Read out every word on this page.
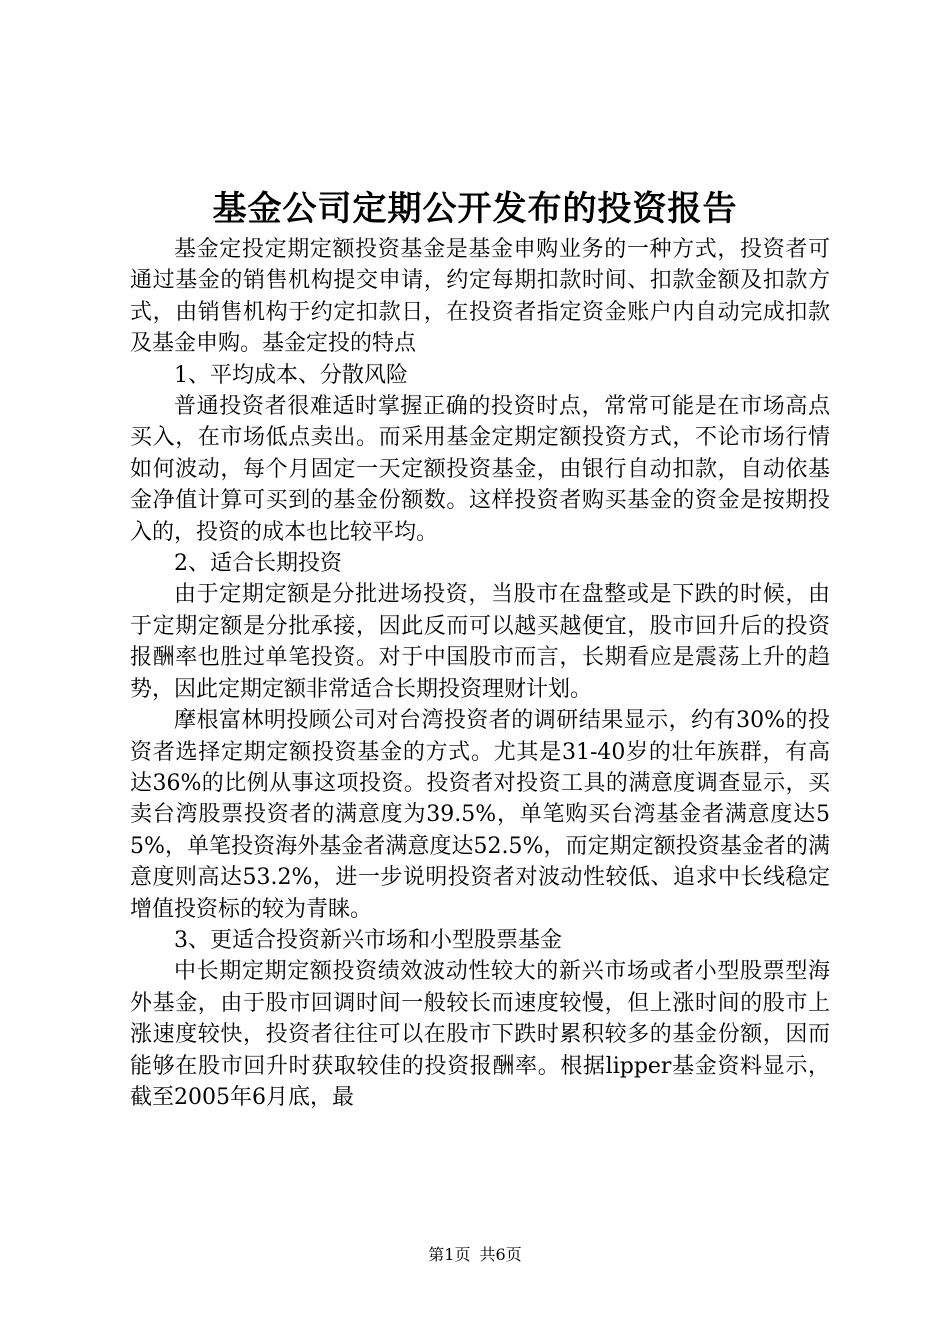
基金公司定期公开发布的投资报告

基金定投定期定额投资基金是基金申购业务的一种方式，投资者可通过基金的销售机构提交申请，约定每期扣款时间、扣款金额及扣款方式，由销售机构于约定扣款日，在投资者指定资金账户内自动完成扣款及基金申购。基金定投的特点

1、平均成本、分散风险

普通投资者很难适时掌握正确的投资时点，常常可能是在市场高点买入，在市场低点卖出。而采用基金定期定额投资方式，不论市场行情如何波动，每个月固定一天定额投资基金，由银行自动扣款，自动依基金净值计算可买到的基金份额数。这样投资者购买基金的资金是按期投入的，投资的成本也比较平均。

2、适合长期投资

由于定期定额是分批进场投资，当股市在盘整或是下跌的时候，由于定期定额是分批承接，因此反而可以越买越便宜，股市回升后的投资报酬率也胜过单笔投资。对于中国股市而言，长期看应是震荡上升的趋势，因此定期定额非常适合长期投资理财计划。

摩根富林明投顾公司对台湾投资者的调研结果显示，约有30%的投资者选择定期定额投资基金的方式。尤其是31-40岁的壮年族群，有高达36%的比例从事这项投资。投资者对投资工具的满意度调查显示，买卖台湾股票投资者的满意度为39.5%，单笔购买台湾基金者满意度达55%，单笔投资海外基金者满意度达52.5%，而定期定额投资基金者的满意度则高达53.2%，进一步说明投资者对波动性较低、追求中长线稳定增值投资标的较为青睐。

3、更适合投资新兴市场和小型股票基金

中长期定期定额投资绩效波动性较大的新兴市场或者小型股票型海外基金，由于股市回调时间一般较长而速度较慢，但上涨时间的股市上涨速度较快，投资者往往可以在股市下跌时累积较多的基金份额，因而能够在股市回升时获取较佳的投资报酬率。根据lipper基金资料显示，截至2005年6月底，最

第1页 共6页
